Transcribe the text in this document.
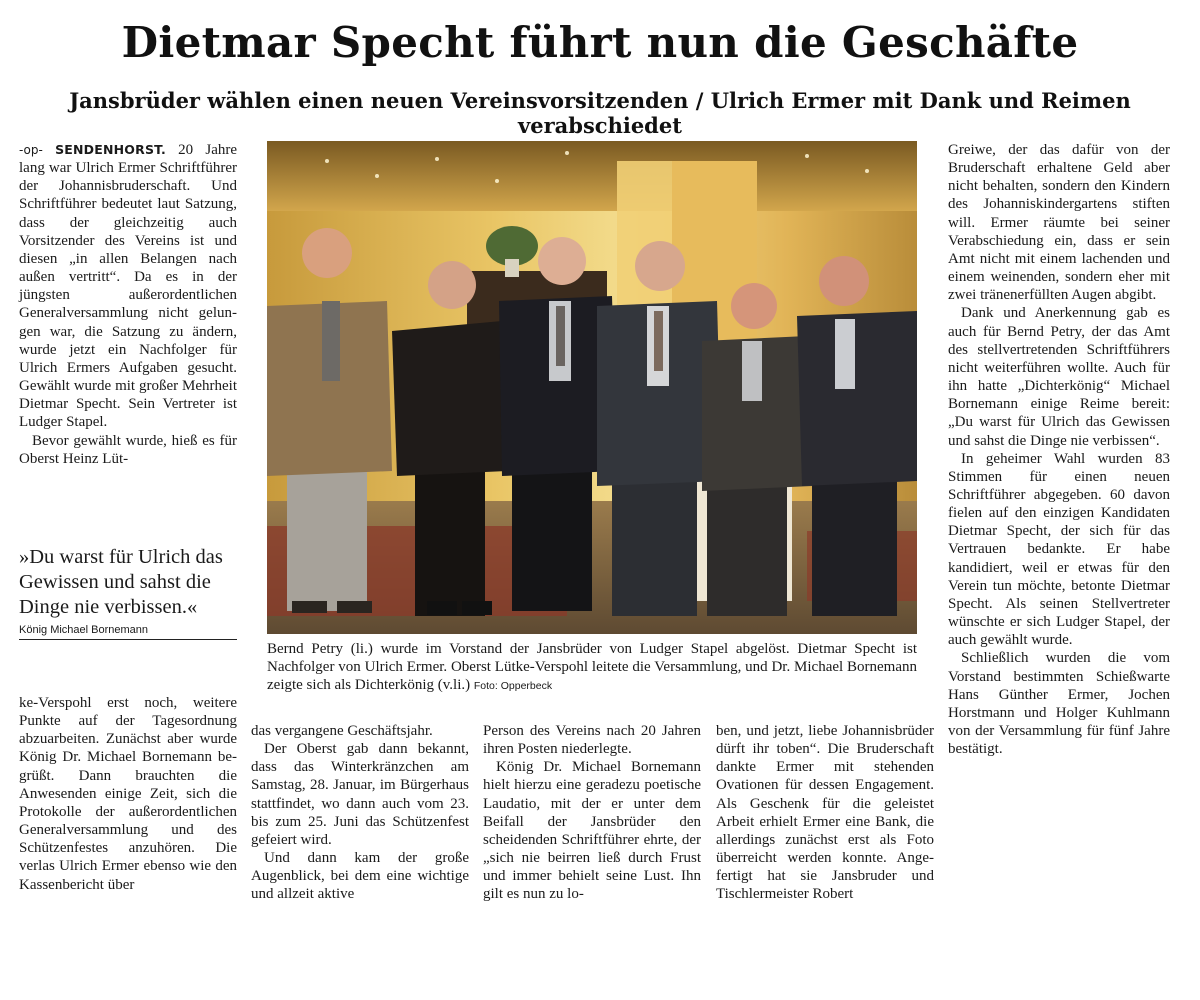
Dietmar Specht führt nun die Geschäfte
Jansbrüder wählen einen neuen Vereinsvorsitzenden / Ulrich Ermer mit Dank und Reimen verabschiedet

-op- SENDENHORST. 20 Jahre lang war Ulrich Ermer Schriftführer der Johannisbruderschaft. Und Schriftführer bedeutet laut Satzung, dass der gleichzeitig auch Vorsitzender des Vereins ist und diesen „in allen Belangen nach außen vertritt“. Da es in der jüngsten außerordentlichen Generalversammlung nicht gelungen war, die Satzung zu ändern, wurde jetzt ein Nachfolger für Ulrich Ermers Aufgaben gesucht. Gewählt wurde mit großer Mehrheit Dietmar Specht. Sein Vertreter ist Ludger Stapel.

Bevor gewählt wurde, hieß es für Oberst Heinz Lüt-

»Du warst für Ulrich das Gewissen und sahst die Dinge nie verbissen.«

König Michael Bornemann

ke-Verspohl erst noch, weitere Punkte auf der Tagesordnung abzuarbeiten. Zunächst aber wurde König Dr. Michael Bornemann begrüßt. Dann brauchten die Anwesenden einige Zeit, sich die Protokolle der außerordentlichen Generalversammlung und des Schützenfestes anzuhören. Die verlas Ulrich Ermer ebenso wie den Kassenbericht über

Bernd Petry (li.) wurde im Vorstand der Jansbrüder von Ludger Stapel abgelöst. Dietmar Specht ist Nachfolger von Ulrich Ermer. Oberst Lütke-Verspohl leitete die Versammlung, und Dr. Michael Bornemann zeigte sich als Dichterkönig (v.li.) Foto: Opperbeck

das vergangene Geschäftsjahr.

Der Oberst gab dann bekannt, dass das Winterkränzchen am Samstag, 28. Januar, im Bürgerhaus stattfindet, wo dann auch vom 23. bis zum 25. Juni das Schützenfest gefeiert wird.

Und dann kam der große Augenblick, bei dem eine wichtige und allzeit aktive

Person des Vereins nach 20 Jahren ihren Posten niederlegte.

König Dr. Michael Bornemann hielt hierzu eine geradezu poetische Laudatio, mit der er unter dem Beifall der Jansbrüder den scheidenden Schriftführer ehrte, der „sich nie beirren ließ durch Frust und immer behielt seine Lust. Ihn gilt es nun zu lo-

ben, und jetzt, liebe Johannisbrüder dürft ihr toben“. Die Bruderschaft dankte Ermer mit stehenden Ovationen für dessen Engagement. Als Geschenk für die geleistet Arbeit erhielt Ermer eine Bank, die allerdings zunächst erst als Foto überreicht werden konnte. Angefertigt hat sie Jansbruder und Tischlermeister Robert

Greiwe, der das dafür von der Bruderschaft erhaltene Geld aber nicht behalten, sondern den Kindern des Johanniskindergartens stiften will. Ermer räumte bei seiner Verabschiedung ein, dass er sein Amt nicht mit einem lachenden und einem weinenden, sondern eher mit zwei tränenerfüllten Augen abgibt.

Dank und Anerkennung gab es auch für Bernd Petry, der das Amt des stellvertretenden Schriftführers nicht weiterführen wollte. Auch für ihn hatte „Dichterkönig“ Michael Bornemann einige Reime bereit: „Du warst für Ulrich das Gewissen und sahst die Dinge nie verbissen“.

In geheimer Wahl wurden 83 Stimmen für einen neuen Schriftführer abgegeben. 60 davon fielen auf den einzigen Kandidaten Dietmar Specht, der sich für das Vertrauen bedankte. Er habe kandidiert, weil er etwas für den Verein tun möchte, betonte Dietmar Specht. Als seinen Stellvertreter wünschte er sich Ludger Stapel, der auch gewählt wurde.

Schließlich wurden die vom Vorstand bestimmten Schießwarte Hans Günther Ermer, Jochen Horstmann und Holger Kuhlmann von der Versammlung für fünf Jahre bestätigt.
